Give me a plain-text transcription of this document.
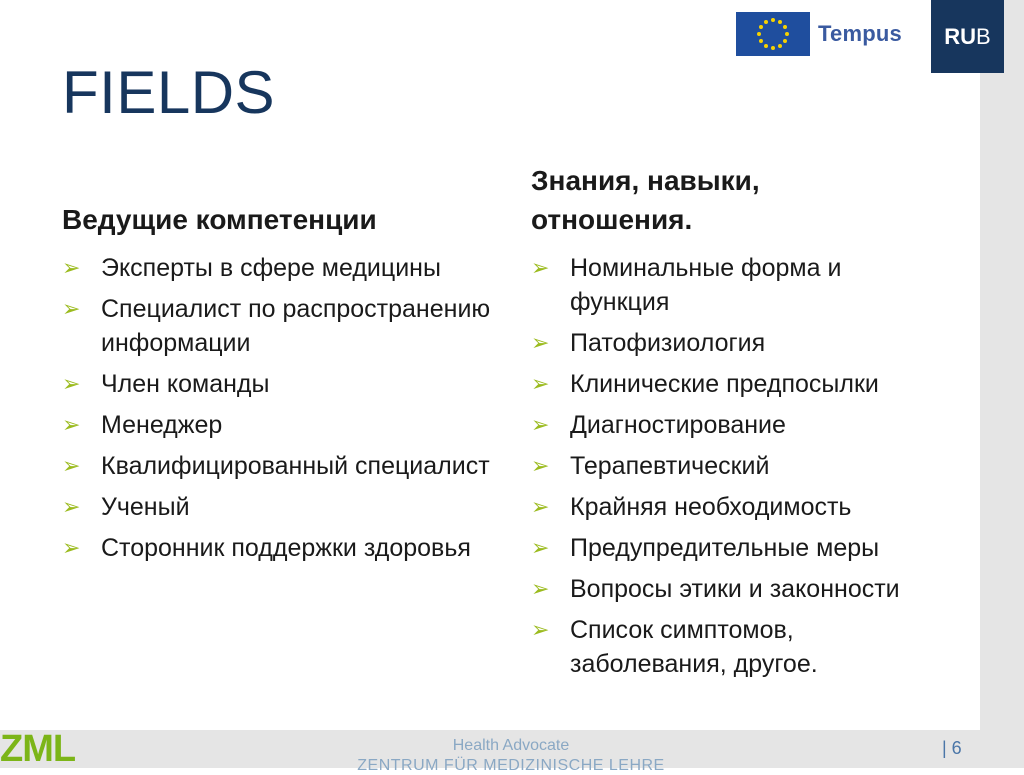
Tempus RU B
FIELDS
Ведущие компетенции
Знания, навыки, отношения.
➢ Эксперты в сфере медицины
➢ Специалист по распространению информации
➢ Член команды
➢ Менеджер
➢ Квалифицированный специалист
➢ Ученый
➢ Сторонник поддержки здоровья
➢ Номинальные форма и функция
➢ Патофизиология
➢ Клинические предпосылки
➢ Диагностирование
➢ Терапевтический
➢ Крайняя необходимость
➢ Предупредительные меры
➢ Вопросы этики и законности
➢ Список симптомов, заболевания, другое.
ZML	Health Advocate
ZENTRUM FÜR MEDIZINISCHE LEHRE
| 6
